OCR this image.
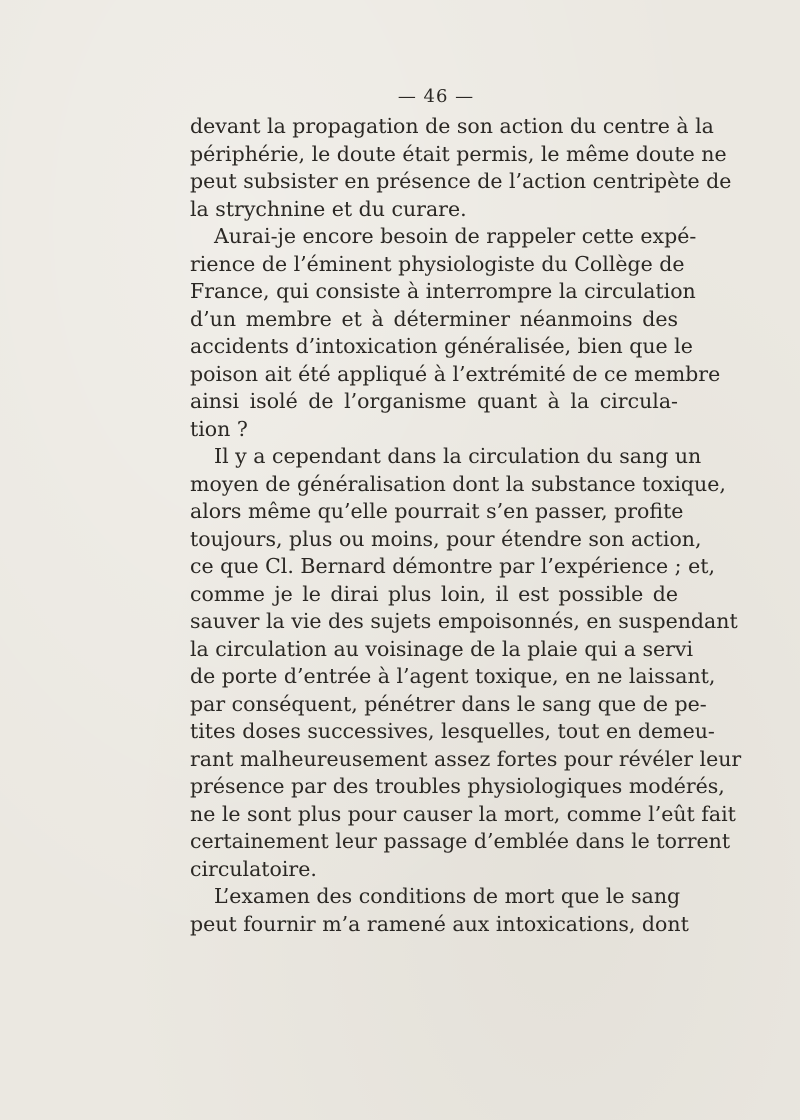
— 46 —
devant la propagation de son action du centre à la
périphérie, le doute était permis, le même doute ne
peut subsister en présence de l’action centripète de
la strychnine et du curare.
Aurai-je encore besoin de rappeler cette expé-
rience de l’éminent physiologiste du Collège de
France, qui consiste à interrompre la circulation
d’un membre et à déterminer néanmoins des
accidents d’intoxication généralisée, bien que le
poison ait été appliqué à l’extrémité de ce membre
ainsi isolé de l’organisme quant à la circula-
tion ?
Il y a cependant dans la circulation du sang un
moyen de généralisation dont la substance toxique,
alors même qu’elle pourrait s’en passer, profite
toujours, plus ou moins, pour étendre son action,
ce que Cl. Bernard démontre par l’expérience ; et,
comme je le dirai plus loin, il est possible de
sauver la vie des sujets empoisonnés, en suspendant
la circulation au voisinage de la plaie qui a servi
de porte d’entrée à l’agent toxique, en ne laissant,
par conséquent, pénétrer dans le sang que de pe-
tites doses successives, lesquelles, tout en demeu-
rant malheureusement assez fortes pour révéler leur
présence par des troubles physiologiques modérés,
ne le sont plus pour causer la mort, comme l’eût fait
certainement leur passage d’emblée dans le torrent
circulatoire.
L’examen des conditions de mort que le sang
peut fournir m’a ramené aux intoxications, dont
